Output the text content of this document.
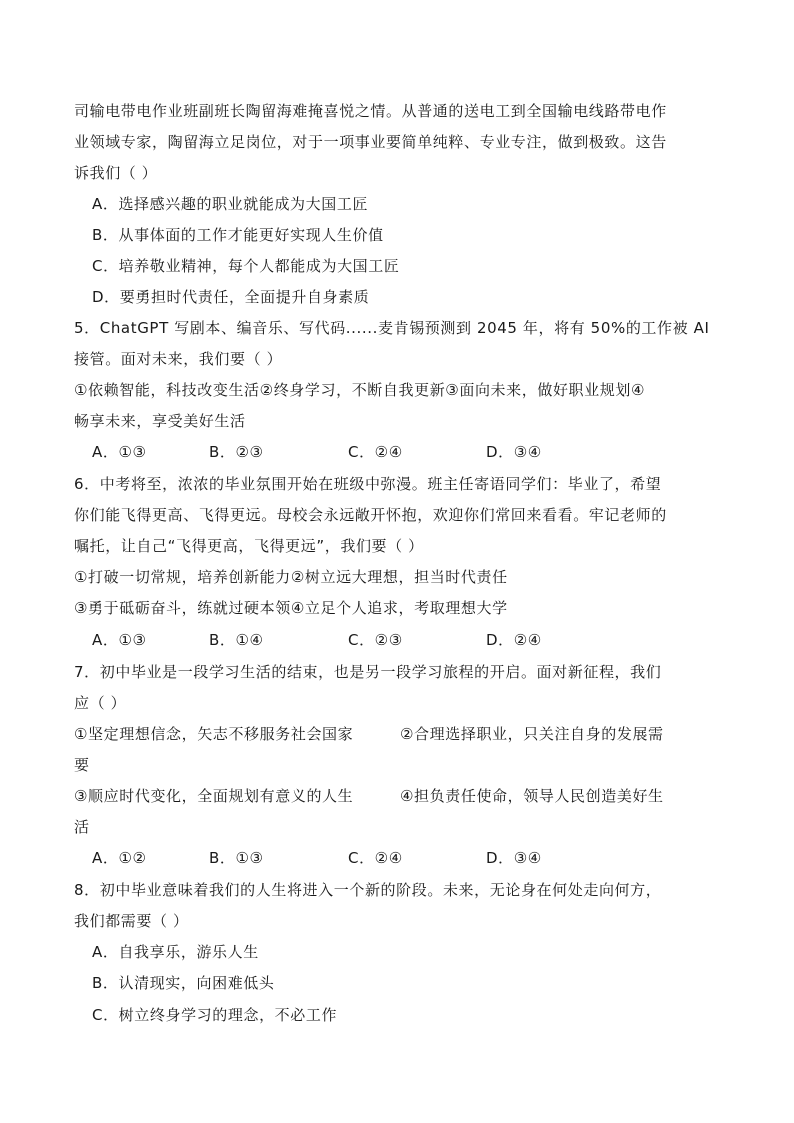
司输电带电作业班副班长陶留海难掩喜悦之情。从普通的送电工到全国输电线路带电作
业领域专家，陶留海立足岗位，对于一项事业要简单纯粹、专业专注，做到极致。这告
诉我们（ ）
A．选择感兴趣的职业就能成为大国工匠
B．从事体面的工作才能更好实现人生价值
C．培养敬业精神，每个人都能成为大国工匠
D．要勇担时代责任，全面提升自身素质
5．ChatGPT 写剧本、编音乐、写代码......麦肯锡预测到 2045 年，将有 50%的工作被 AI
接管。面对未来，我们要（ ）
①依赖智能，科技改变生活②终身学习，不断自我更新③面向未来，做好职业规划④
畅享未来，享受美好生活
A．①③	B．②③	C．②④	D．③④
6．中考将至，浓浓的毕业氛围开始在班级中弥漫。班主任寄语同学们：毕业了，希望
你们能飞得更高、飞得更远。母校会永远敞开怀抱，欢迎你们常回来看看。牢记老师的
嘱托，让自己“飞得更高，飞得更远”，我们要（ ）
①打破一切常规，培养创新能力②树立远大理想，担当时代责任
③勇于砥砺奋斗，练就过硬本领④立足个人追求，考取理想大学
A．①③	B．①④	C．②③	D．②④
7．初中毕业是一段学习生活的结束，也是另一段学习旅程的开启。面对新征程，我们
应（ ）
①坚定理想信念，矢志不移服务社会国家	②合理选择职业，只关注自身的发展需
要
③顺应时代变化，全面规划有意义的人生	④担负责任使命，领导人民创造美好生
活
A．①②	B．①③	C．②④	D．③④
8．初中毕业意味着我们的人生将进入一个新的阶段。未来，无论身在何处走向何方，
我们都需要（ ）
A．自我享乐，游乐人生
B．认清现实，向困难低头
C．树立终身学习的理念，不必工作
